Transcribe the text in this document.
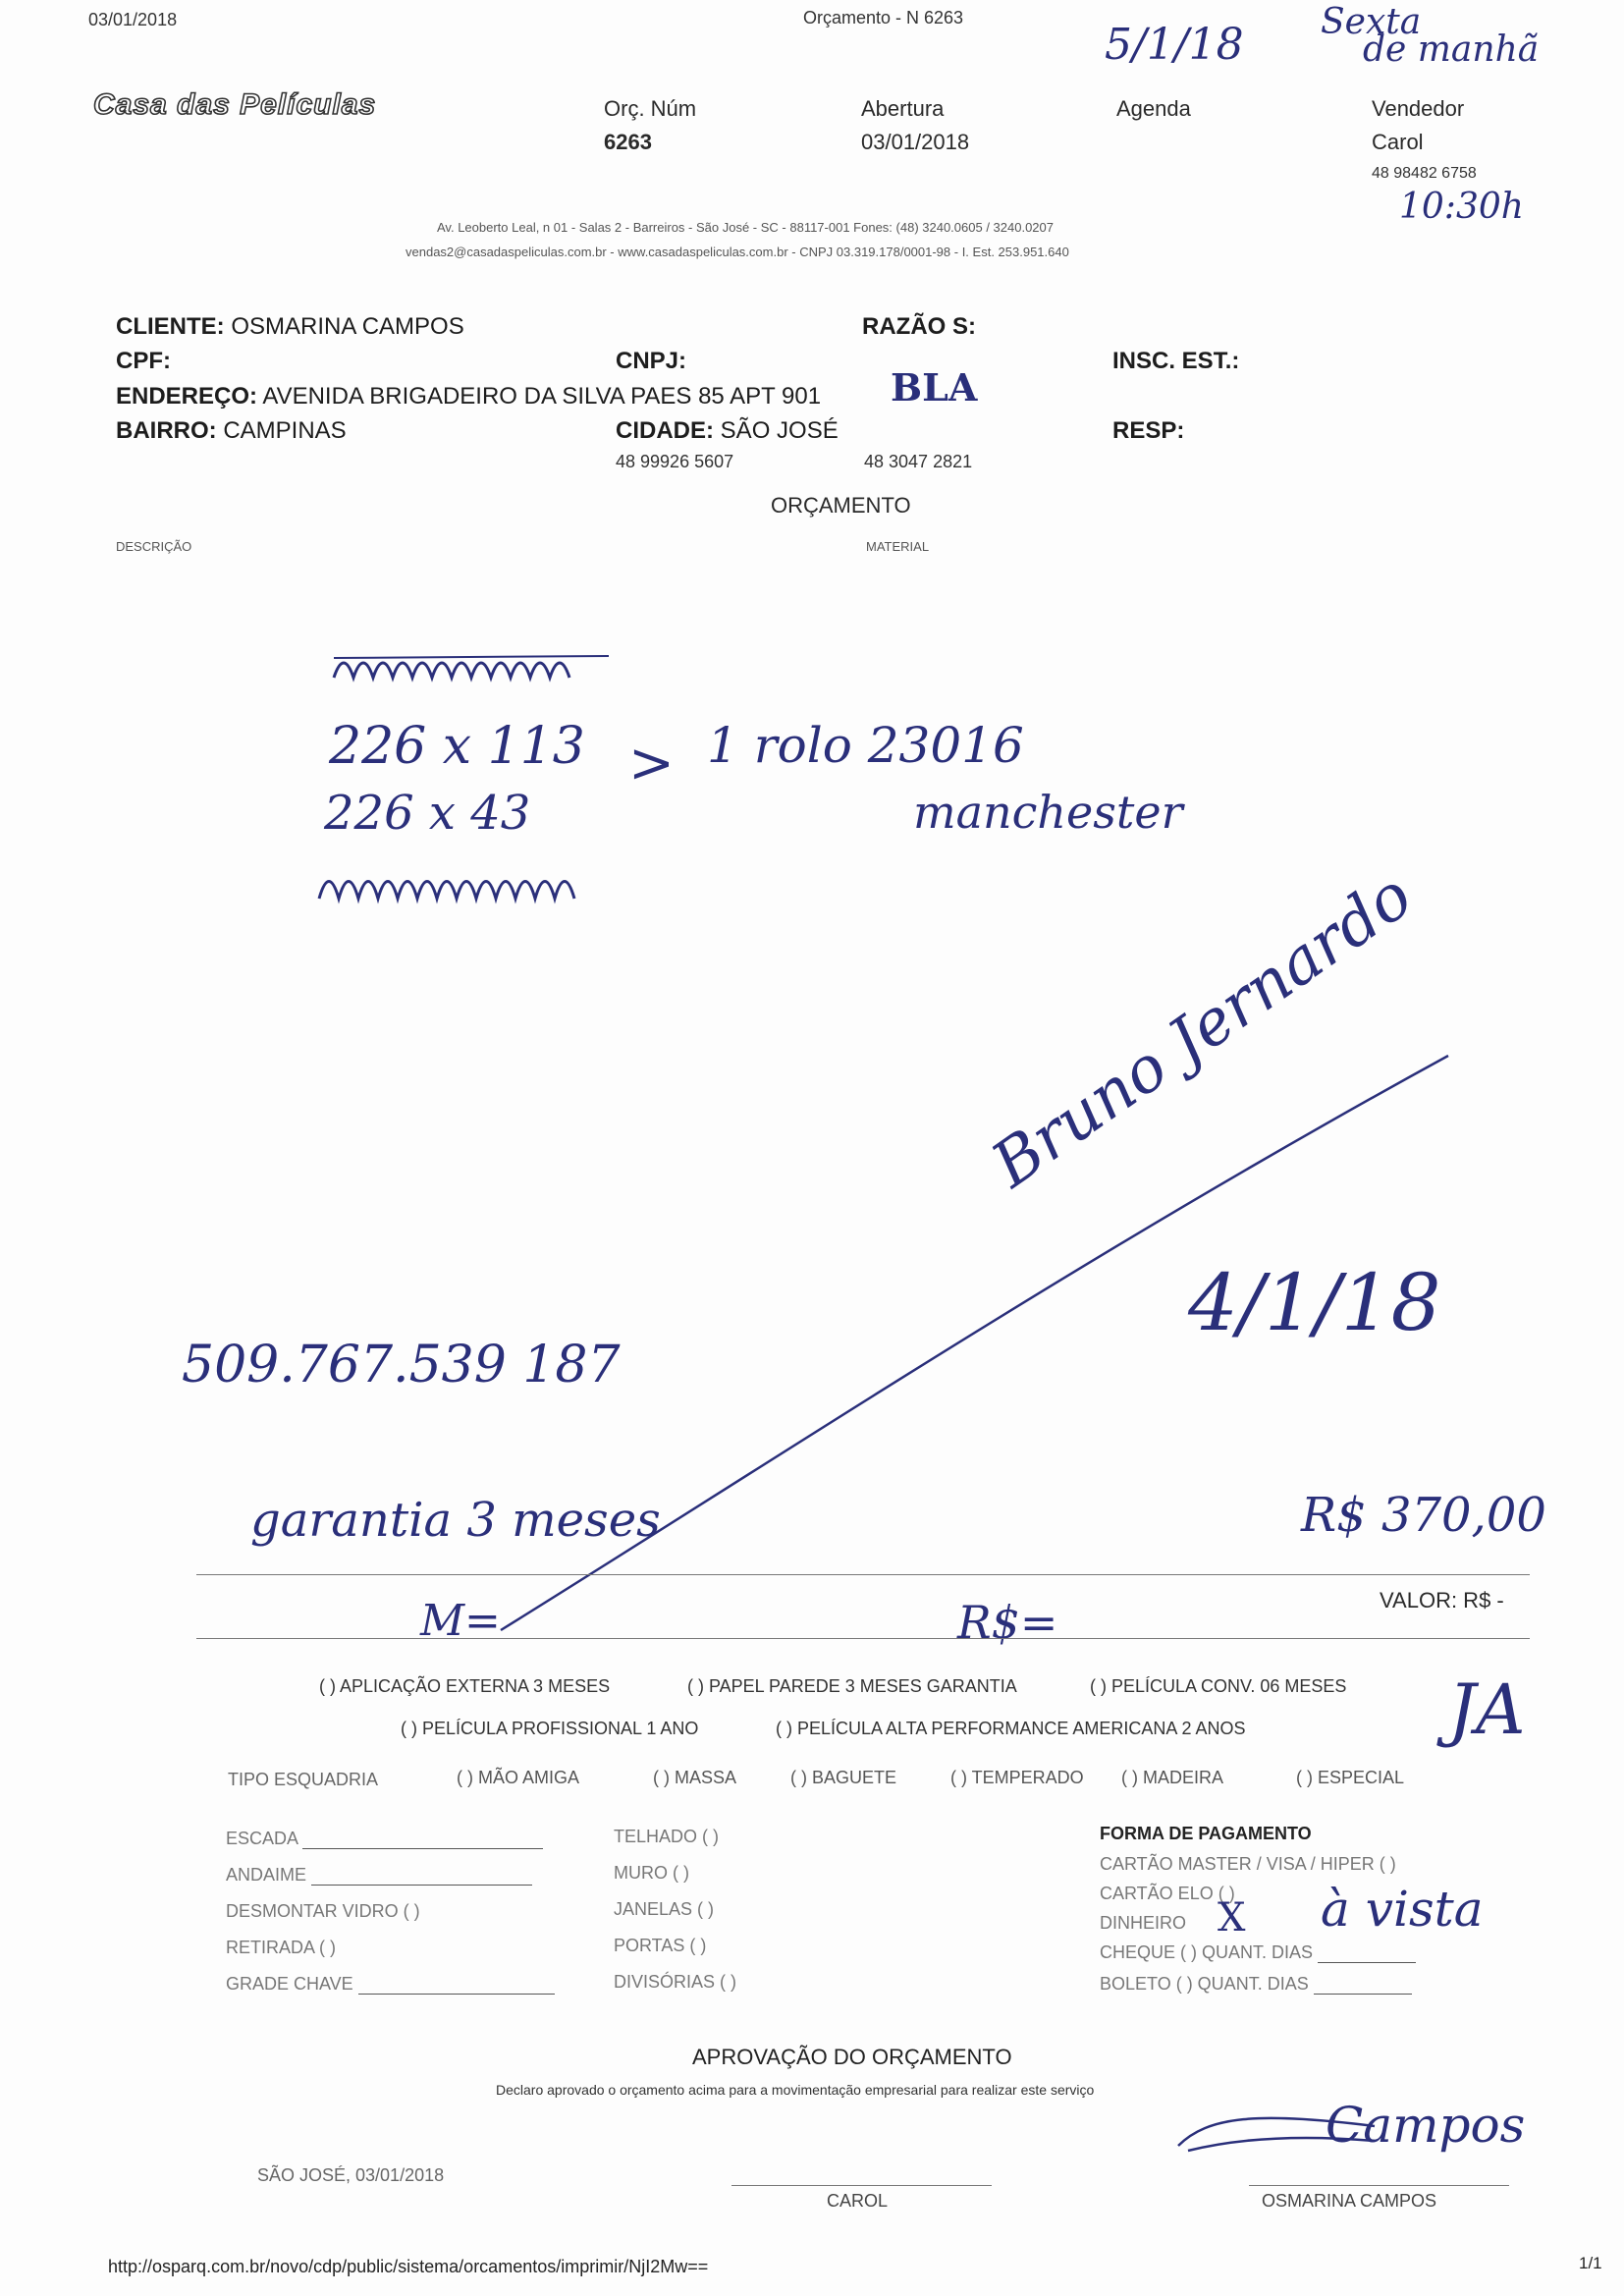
03/01/2018	Orçamento - N 6263
Casa das Películas	Orç. Núm
6263
Abertura
03/01/2018
Agenda	Vendedor
Carol
48 98482 6758
Av. Leoberto Leal, n 01 - Salas 2 - Barreiros - São José - SC - 88117-001 Fones: (48) 3240.0605 / 3240.0207
vendas2@casadaspeliculas.com.br - www.casadaspeliculas.com.br - CNPJ 03.319.178/0001-98 - I. Est. 253.951.640
5/1/18 Sexta
de manhã
10:30h
CLIENTE: OSMARINA CAMPOS	RAZÃO S:
CPF:	CNPJ:	INSC. EST.:
ENDEREÇO: AVENIDA BRIGADEIRO DA SILVA PAES 85 APT 901 BLA
BAIRRO: CAMPINAS	CIDADE: SÃO JOSÉ	RESP:
48 99926 5607	48 3047 2821
ORÇAMENTO
DESCRIÇÃO	MATERIAL
226 x 113
226 x 43
> 1 rolo 23016
manchester
Bruno Jernardo
4/1/18
509.767.539 187
garantia 3 meses	R$ 370,00
VALOR: R$ -
M=	R$=
( ) APLICAÇÃO EXTERNA 3 MESES	( ) PAPEL PAREDE 3 MESES GARANTIA	( ) PELÍCULA CONV. 06 MESES
( ) PELÍCULA PROFISSIONAL 1 ANO	( ) PELÍCULA ALTA PERFORMANCE AMERICANA 2 ANOS	JA
TIPO ESQUADRIA	( ) MÃO AMIGA	( ) MASSA	( ) BAGUETE	( ) TEMPERADO ( ) MADEIRA	( ) ESPECIAL
ESCADA
ANDAIME
DESMONTAR VIDRO ( )
RETIRADA ( )
GRADE CHAVE
TELHADO ( )
MURO ( )
JANELAS ( )
PORTAS ( )
DIVISÓRIAS ( )
FORMA DE PAGAMENTO
CARTÃO MASTER / VISA / HIPER ( )
CARTÃO ELO ( )
DINHEIRO X à vista
CHEQUE ( ) QUANT. DIAS
BOLETO ( ) QUANT. DIAS
APROVAÇÃO DO ORÇAMENTO
Declaro aprovado o orçamento acima para a movimentação empresarial para realizar este serviço
SÃO JOSÉ, 03/01/2018
CAROL	OSMARINA CAMPOS
Campos
http://osparq.com.br/novo/cdp/public/sistema/orcamentos/imprimir/NjI2Mw==	1/1
